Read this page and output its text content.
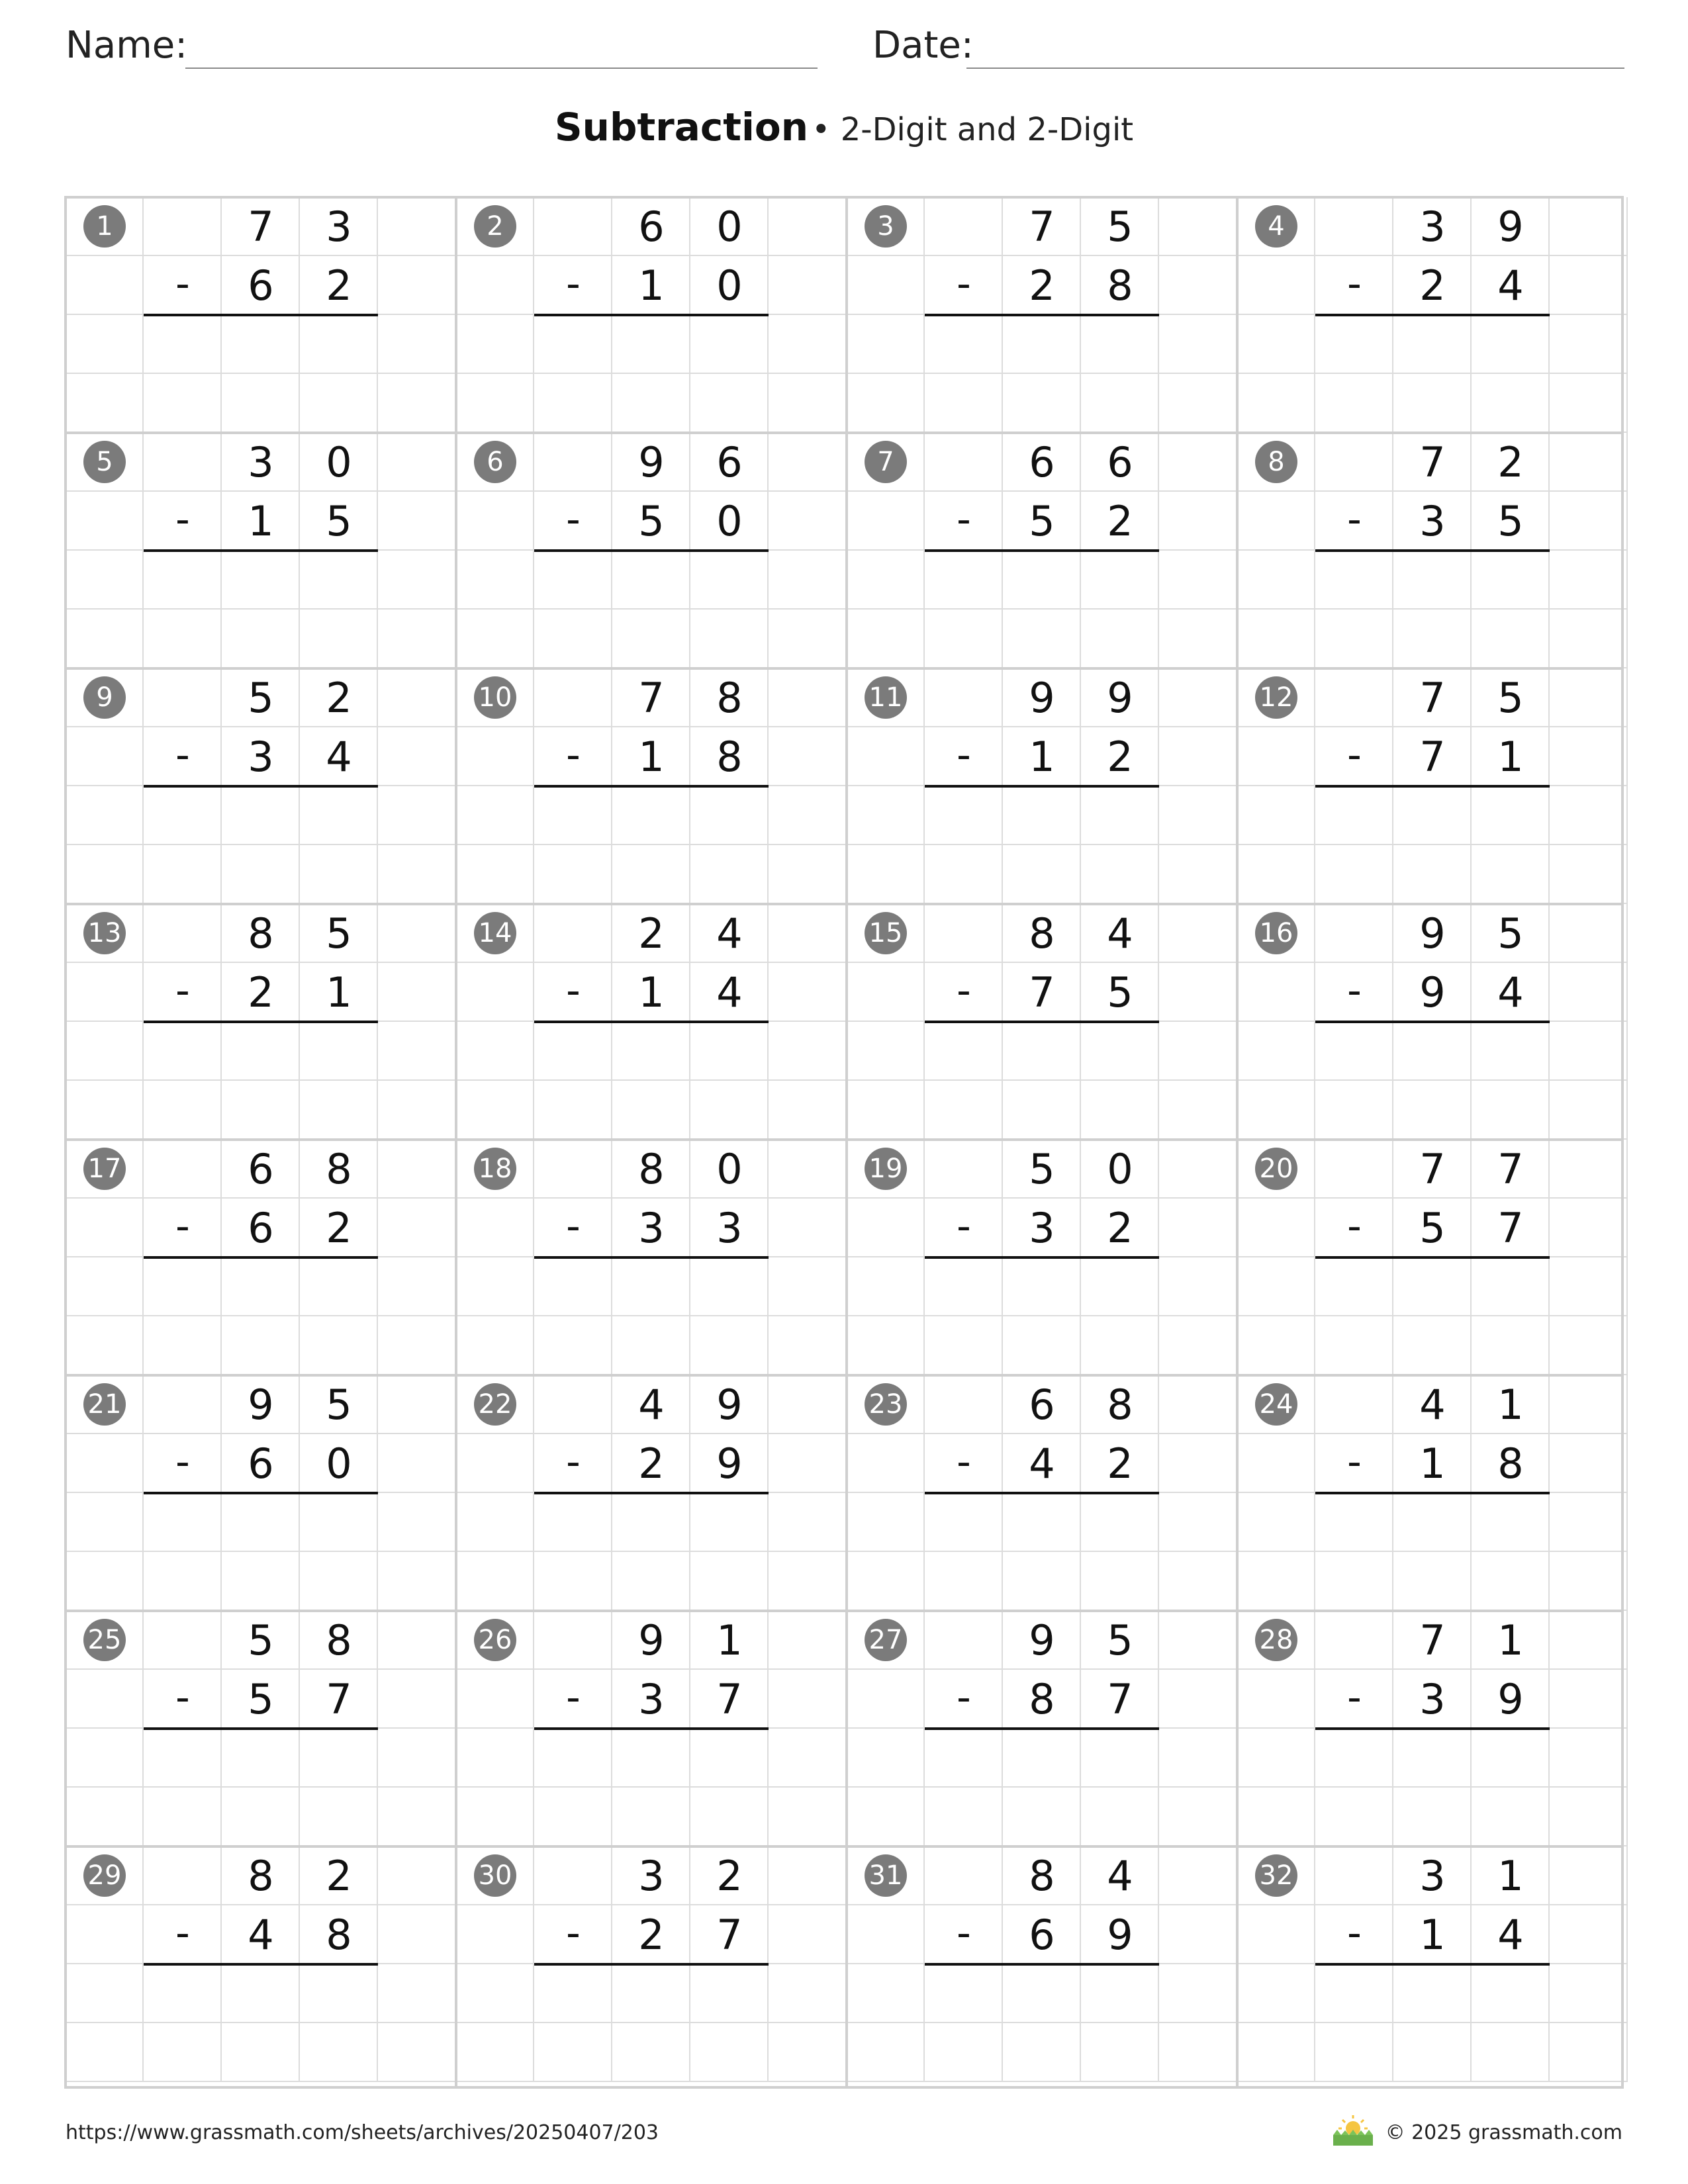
Name:	Date:
Subtraction • 2-Digit and 2-Digit
1	7	3
-	6	2
2	6	0
-	1	0
3	7	5
-	2	8
4	3	9
-	2	4
5	3	0
-	1	5
6	9	6
-	5	0
7	6	6
-	5	2
8	7	2
-	3	5
9	5	2
-	3	4
10	7	8
-	1	8
11	9	9
-	1	2
12	7	5
-	7	1
13	8	5
-	2	1
14	2	4
-	1	4
15	8	4
-	7	5
16	9	5
-	9	4
17	6	8
-	6	2
18	8	0
-	3	3
19	5	0
-	3	2
20	7	7
-	5	7
21	9	5
-	6	0
22	4	9
-	2	9
23	6	8
-	4	2
24	4	1
-	1	8
25	5	8
-	5	7
26	9	1
-	3	7
27	9	5
-	8	7
28	7	1
-	3	9
29	8	2
-	4	8
30	3	2
-	2	7
31	8	4
-	6	9
32	3	1
-	1	4
https://www.grassmath.com/sheets/archives/20250407/203	© 2025 grassmath.com
